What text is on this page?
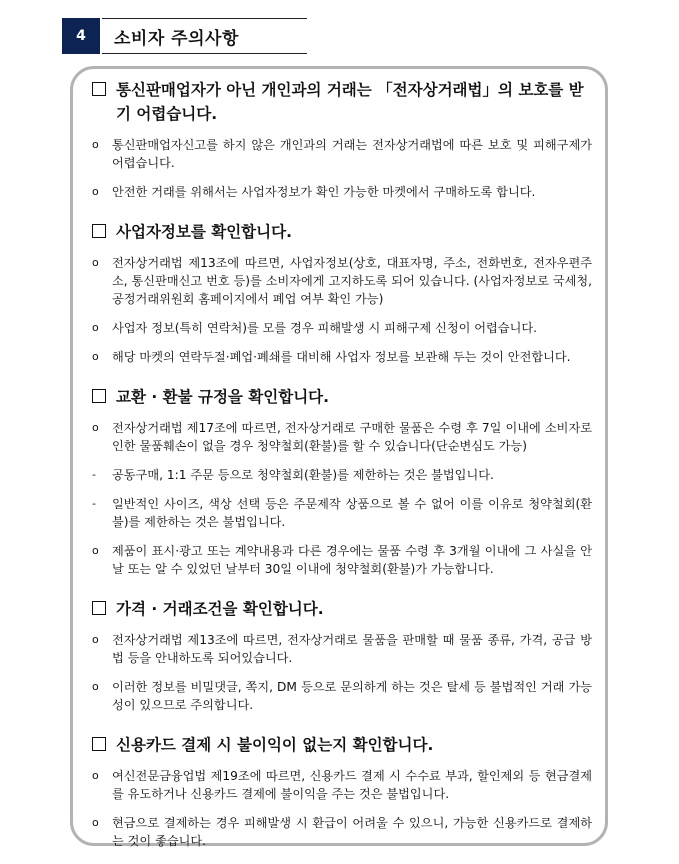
4	소비자 주의사항
통신판매업자가 아닌 개인과의 거래는 「전자상거래법」의 보호를 받기 어렵습니다.
o	통신판매업자신고를 하지 않은 개인과의 거래는 전자상거래법에 따른 보호 및 피해구제가 어렵습니다.
o	안전한 거래를 위해서는 사업자정보가 확인 가능한 마켓에서 구매하도록 합니다.
사업자정보를 확인합니다.
o	전자상거래법 제13조에 따르면, 사업자정보(상호, 대표자명, 주소, 전화번호, 전자우편주소, 통신판매신고 번호 등)를 소비자에게 고지하도록 되어 있습니다. (사업자정보로 국세청, 공정거래위원회 홈페이지에서 폐업 여부 확인 가능)
o	사업자 정보(특히 연락처)를 모를 경우 피해발생 시 피해구제 신청이 어렵습니다.
o	해당 마켓의 연락두절·폐업·폐쇄를 대비해 사업자 정보를 보관해 두는 것이 안전합니다.
교환 · 환불 규정을 확인합니다.
o	전자상거래법 제17조에 따르면, 전자상거래로 구매한 물품은 수령 후 7일 이내에 소비자로 인한 물품훼손이 없을 경우 청약철회(환불)를 할 수 있습니다(단순변심도 가능)
-	공동구매, 1:1 주문 등으로 청약철회(환불)를 제한하는 것은 불법입니다.
-	일반적인 사이즈, 색상 선택 등은 주문제작 상품으로 볼 수 없어 이를 이유로 청약철회(환불)를 제한하는 것은 불법입니다.
o	제품이 표시·광고 또는 계약내용과 다른 경우에는 물품 수령 후 3개월 이내에 그 사실을 안 날 또는 알 수 있었던 날부터 30일 이내에 청약철회(환불)가 가능합니다.
가격 · 거래조건을 확인합니다.
o	전자상거래법 제13조에 따르면, 전자상거래로 물품을 판매할 때 물품 종류, 가격, 공급 방법 등을 안내하도록 되어있습니다.
o	이러한 정보를 비밀댓글, 쪽지, DM 등으로 문의하게 하는 것은 탈세 등 불법적인 거래 가능성이 있으므로 주의합니다.
신용카드 결제 시 불이익이 없는지 확인합니다.
o	여신전문금융업법 제19조에 따르면, 신용카드 결제 시 수수료 부과, 할인제외 등 현금결제를 유도하거나 신용카드 결제에 불이익을 주는 것은 불법입니다.
o	현금으로 결제하는 경우 피해발생 시 환급이 어려울 수 있으니, 가능한 신용카드로 결제하는 것이 좋습니다.
